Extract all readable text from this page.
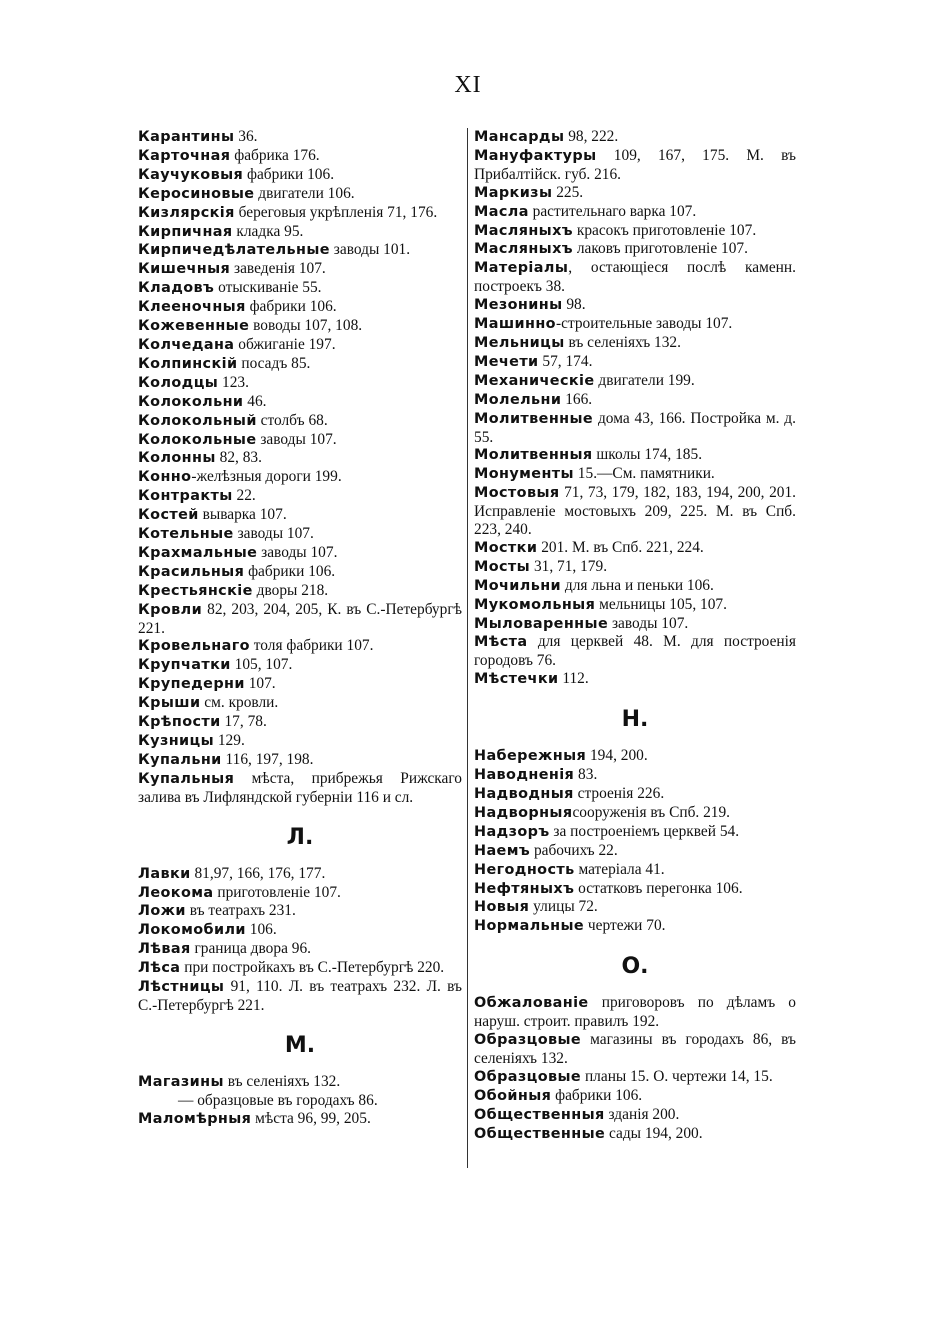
XI
Карантины 36.
Карточная фабрика 176.
Каучуковыя фабрики 106.
Керосиновые двигатели 106.
Кизлярскія береговыя укрѣпленія 71, 176.
Кирпичная кладка 95.
Кирпичедѣлательные заводы 101.
Кишечныя заведенія 107.
Кладовъ отыскиваніе 55.
Клееночныя фабрики 106.
Кожевенные воводы 107, 108.
Колчедана обжиганіе 197.
Колпинскій посадъ 85.
Колодцы 123.
Колокольни 46.
Колокольный столбъ 68.
Колокольные заводы 107.
Колонны 82, 83.
Конно-желѣзныя дороги 199.
Контракты 22.
Костей выварка 107.
Котельные заводы 107.
Крахмальные заводы 107.
Красильныя фабрики 106.
Крестьянскіе дворы 218.
Кровли 82, 203, 204, 205, К. въ С.-Петербургѣ 221.
Кровельнаго толя фабрики 107.
Крупчатки 105, 107.
Крупедерни 107.
Крыши см. кровли.
Крѣпости 17, 78.
Кузницы 129.
Купальни 116, 197, 198.
Купальныя мѣста, прибрежья Рижскаго залива въ Лифляндской губерніи 116 и сл.
Л.
Лавки 81,97, 166, 176, 177.
Леокома приготовленіе 107.
Ложи въ театрахъ 231.
Локомобили 106.
Лѣвая граница двора 96.
Лѣса при постройкахъ въ С.-Петербургѣ 220.
Лѣстницы 91, 110. Л. въ театрахъ 232. Л. въ С.-Петербургѣ 221.
М.
Магазины въ селеніяхъ 132.
— образцовые въ городахъ 86.
Маломѣрныя мѣста 96, 99, 205.
Мансарды 98, 222.
Мануфактуры 109, 167, 175. М. въ Прибалтійск. губ. 216.
Маркизы 225.
Масла растительнаго варка 107.
Масляныхъ красокъ приготовленіе 107.
Масляныхъ лаковъ приготовленіе 107.
Матеріалы, остающіеся послѣ каменн. построекъ 38.
Мезонины 98.
Машинно-строительные заводы 107.
Мельницы въ селеніяхъ 132.
Мечети 57, 174.
Механическіе двигатели 199.
Молельни 166.
Молитвенные дома 43, 166. Постройка м. д. 55.
Молитвенныя школы 174, 185.
Монументы 15.—См. памятники.
Мостовыя 71, 73, 179, 182, 183, 194, 200, 201. Исправленіе мостовыхъ 209, 225. М. въ Спб. 223, 240.
Мостки 201. М. въ Спб. 221, 224.
Мосты 31, 71, 179.
Мочильни для льна и пеньки 106.
Мукомольныя мельницы 105, 107.
Мыловаренные заводы 107.
Мѣста для церквей 48. М. для построенія городовъ 76.
Мѣстечки 112.
Н.
Набережныя 194, 200.
Наводненія 83.
Надводныя строенія 226.
Надворныясооруженія въ Спб. 219.
Надзоръ за построеніемъ церквей 54.
Наемъ рабочихъ 22.
Негодность матеріала 41.
Нефтяныхъ остатковъ перегонка 106.
Новыя улицы 72.
Нормальные чертежи 70.
О.
Обжалованіе приговоровъ по дѣламъ о наруш. строит. правилъ 192.
Образцовые магазины въ городахъ 86, въ селеніяхъ 132.
Образцовые планы 15. О. чертежи 14, 15.
Обойныя фабрики 106.
Общественныя зданія 200.
Общественные сады 194, 200.
